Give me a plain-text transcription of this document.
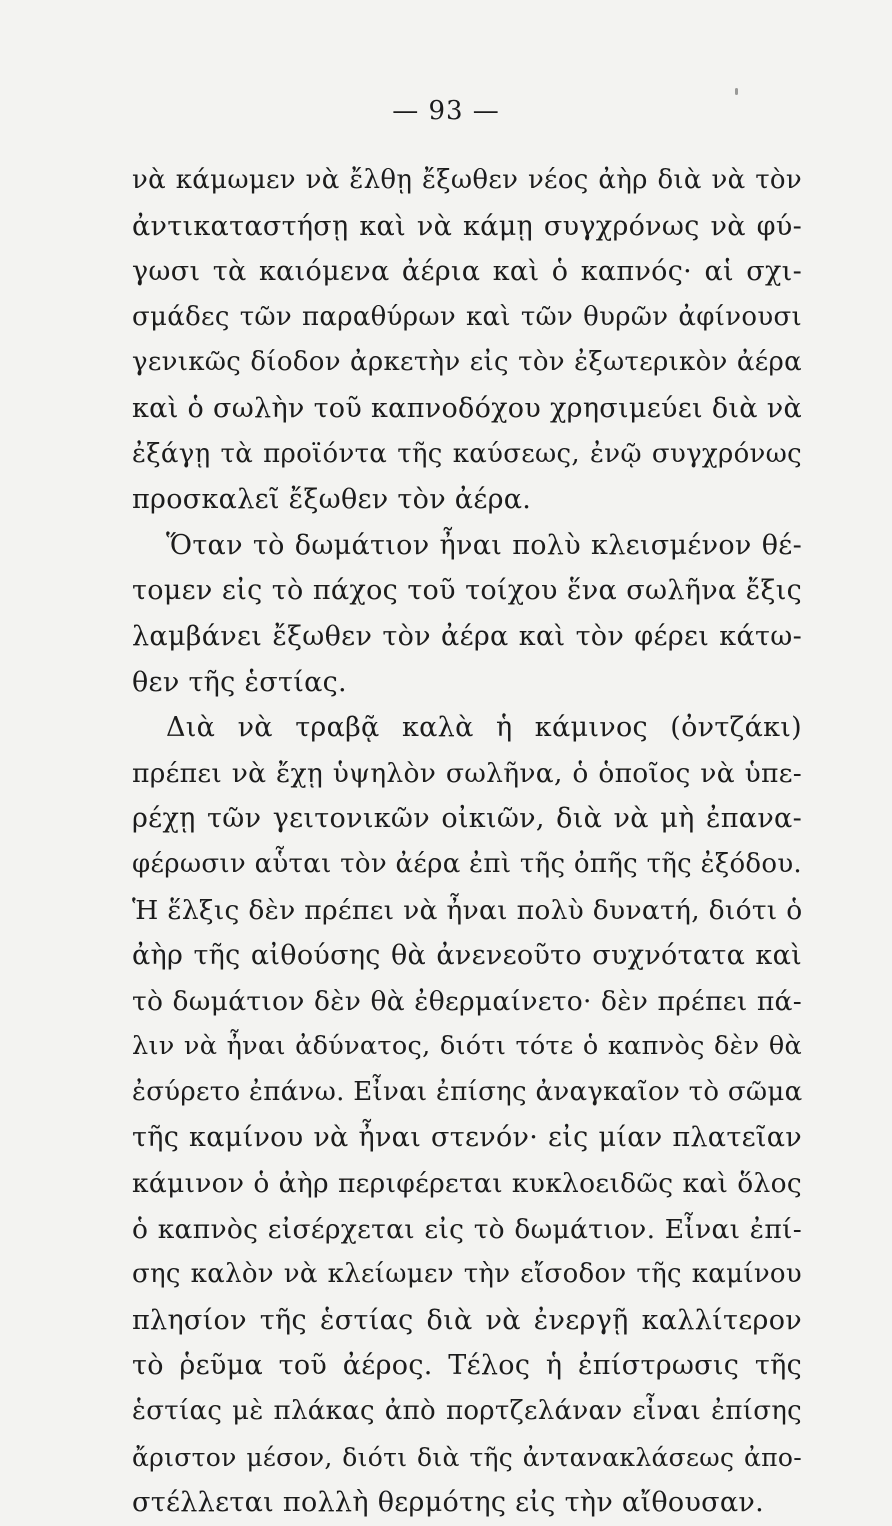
— 93 —
νὰ κάμωμεν νὰ ἔλθῃ ἔξωθεν νέος ἀὴρ διὰ νὰ τὸν
ἀντικαταστήσῃ καὶ νὰ κάμῃ συγχρόνως νὰ φύ-
γωσι τὰ καιόμενα ἀέρια καὶ ὁ καπνός· αἱ σχι-
σμάδες τῶν παραθύρων καὶ τῶν θυρῶν ἀφίνουσι
γενικῶς δίοδον ἀρκετὴν εἰς τὸν ἐξωτερικὸν ἀέρα
καὶ ὁ σωλὴν τοῦ καπνοδόχου χρησιμεύει διὰ νὰ
ἐξάγῃ τὰ προϊόντα τῆς καύσεως, ἐνῷ συγχρόνως
προσκαλεῖ ἔξωθεν τὸν ἀέρα.
Ὅταν τὸ δωμάτιον ἦναι πολὺ κλεισμένον θέ-
τομεν εἰς τὸ πάχος τοῦ τοίχου ἕνα σωλῆνα ἔξις
λαμβάνει ἔξωθεν τὸν ἀέρα καὶ τὸν φέρει κάτω-
θεν τῆς ἑστίας.
Διὰ νὰ τραβᾷ καλὰ ἡ κάμινος (ὀντζάκι)
πρέπει νὰ ἔχῃ ὑψηλὸν σωλῆνα, ὁ ὁποῖος νὰ ὑπε-
ρέχῃ τῶν γειτονικῶν οἰκιῶν, διὰ νὰ μὴ ἐπανα-
φέρωσιν αὗται τὸν ἀέρα ἐπὶ τῆς ὀπῆς τῆς ἐξόδου.
Ἡ ἕλξις δὲν πρέπει νὰ ἦναι πολὺ δυνατή, διότι ὁ
ἀὴρ τῆς αἰθούσης θὰ ἀνενεοῦτο συχνότατα καὶ
τὸ δωμάτιον δὲν θὰ ἐθερμαίνετο· δὲν πρέπει πά-
λιν νὰ ἦναι ἀδύνατος, διότι τότε ὁ καπνὸς δὲν θὰ
ἐσύρετο ἐπάνω. Εἶναι ἐπίσης ἀναγκαῖον τὸ σῶμα
τῆς καμίνου νὰ ἦναι στενόν· εἰς μίαν πλατεῖαν
κάμινον ὁ ἀὴρ περιφέρεται κυκλοειδῶς καὶ ὅλος
ὁ καπνὸς εἰσέρχεται εἰς τὸ δωμάτιον. Εἶναι ἐπί-
σης καλὸν νὰ κλείωμεν τὴν εἴσοδον τῆς καμίνου
πλησίον τῆς ἑστίας διὰ νὰ ἐνεργῇ καλλίτερον
τὸ ῥεῦμα τοῦ ἀέρος. Τέλος ἡ ἐπίστρωσις τῆς
ἑστίας μὲ πλάκας ἀπὸ πορτζελάναν εἶναι ἐπίσης
ἄριστον μέσον, διότι διὰ τῆς ἀντανακλάσεως ἀπο-
στέλλεται πολλὴ θερμότης εἰς τὴν αἴθουσαν.
